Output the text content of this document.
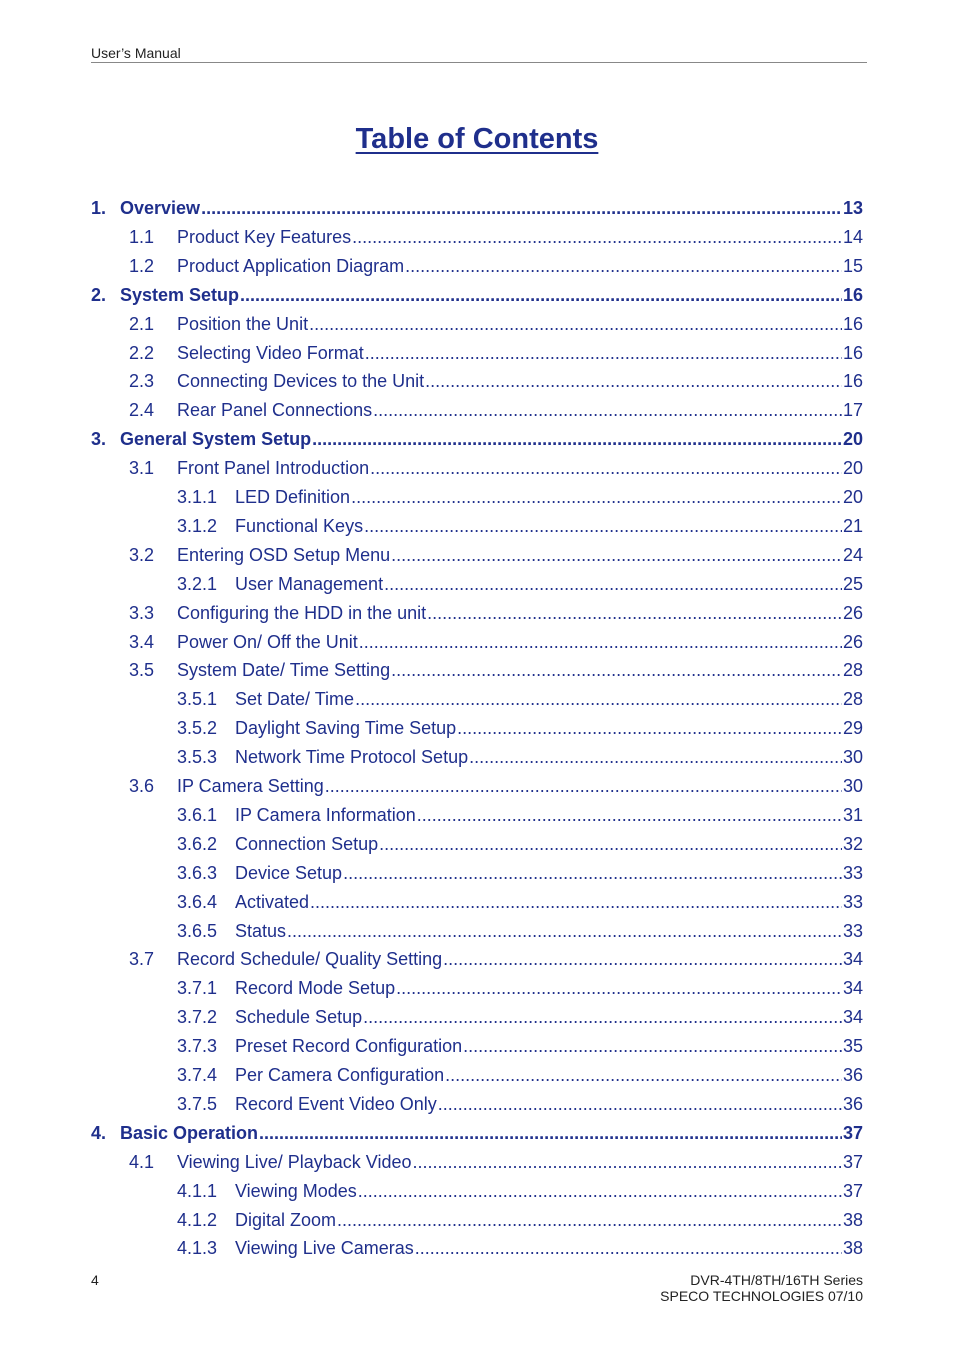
User’s Manual
Table of Contents
1. Overview .....	13
1.1	Product Key Features .....	14
1.2	Product Application Diagram .....	15
2. System Setup .....	16
2.1	Position the Unit .....	16
2.2	Selecting Video Format .....	16
2.3	Connecting Devices to the Unit .....	16
2.4	Rear Panel Connections .....	17
3. General System Setup .....	20
3.1	Front Panel Introduction .....	20
3.1.1 LED Definition .....	20
3.1.2 Functional Keys .....	21
3.2	Entering OSD Setup Menu .....	24
3.2.1 User Management .....	25
3.3	Configuring the HDD in the unit .....	26
3.4	Power On/ Off the Unit .....	26
3.5	System Date/ Time Setting .....	28
3.5.1 Set Date/ Time .....	28
3.5.2 Daylight Saving Time Setup .....	29
3.5.3 Network Time Protocol Setup .....	30
3.6	IP Camera Setting .....	30
3.6.1 IP Camera Information .....	31
3.6.2 Connection Setup .....	32
3.6.3 Device Setup .....	33
3.6.4 Activated .....	33
3.6.5 Status .....	33
3.7	Record Schedule/ Quality Setting .....	34
3.7.1 Record Mode Setup .....	34
3.7.2 Schedule Setup .....	34
3.7.3 Preset Record Configuration .....	35
3.7.4 Per Camera Configuration .....	36
3.7.5 Record Event Video Only .....	36
4. Basic Operation .....	37
4.1	Viewing Live/ Playback Video .....	37
4.1.1 Viewing Modes .....	37
4.1.2 Digital Zoom .....	38
4.1.3 Viewing Live Cameras .....	38
4	DVR-4TH/8TH/16TH Series
SPECO TECHNOLOGIES 07/10
